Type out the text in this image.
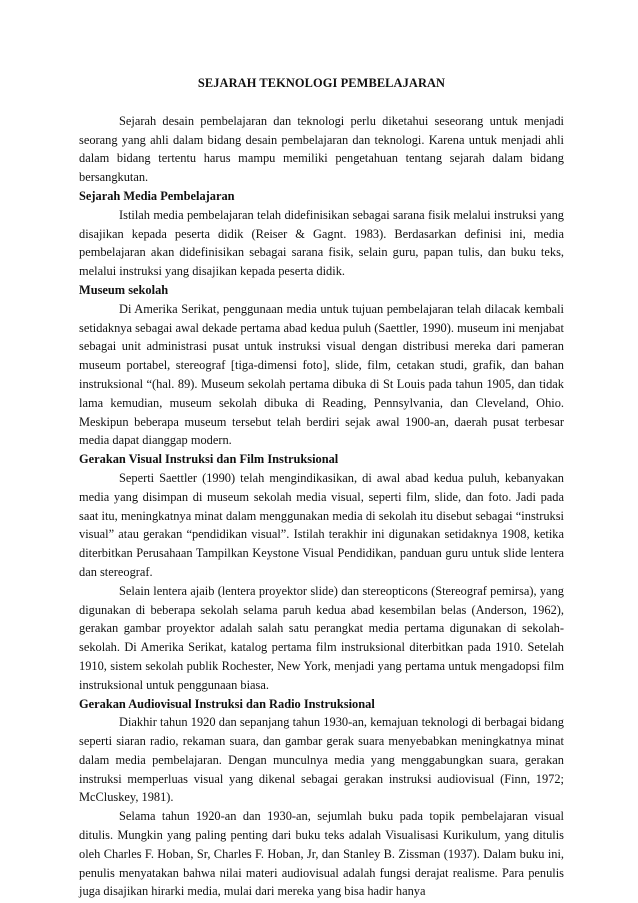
SEJARAH TEKNOLOGI PEMBELAJARAN

Sejarah desain pembelajaran dan teknologi perlu diketahui seseorang untuk menjadi seorang yang ahli dalam bidang desain pembelajaran dan teknologi. Karena untuk menjadi ahli dalam bidang tertentu harus mampu memiliki pengetahuan tentang sejarah dalam bidang bersangkutan.

Sejarah Media Pembelajaran

Istilah media pembelajaran telah didefinisikan sebagai sarana fisik melalui instruksi yang disajikan kepada peserta didik (Reiser & Gagnt. 1983). Berdasarkan definisi ini, media pembelajaran akan didefinisikan sebagai sarana fisik, selain guru, papan tulis, dan buku teks, melalui instruksi yang disajikan kepada peserta didik.

Museum sekolah

Di Amerika Serikat, penggunaan media untuk tujuan pembelajaran telah dilacak kembali setidaknya sebagai awal dekade pertama abad kedua puluh (Saettler, 1990). museum ini menjabat sebagai unit administrasi pusat untuk instruksi visual dengan distribusi mereka dari pameran museum portabel, stereograf [tiga-dimensi foto], slide, film, cetakan studi, grafik, dan bahan instruksional “(hal. 89). Museum sekolah pertama dibuka di St Louis pada tahun 1905, dan tidak lama kemudian, museum sekolah dibuka di Reading, Pennsylvania, dan Cleveland, Ohio. Meskipun beberapa museum tersebut telah berdiri sejak awal 1900-an, daerah pusat terbesar media dapat dianggap modern.

Gerakan Visual Instruksi dan Film Instruksional

Seperti Saettler (1990) telah mengindikasikan, di awal abad kedua puluh, kebanyakan media yang disimpan di museum sekolah media visual, seperti film, slide, dan foto. Jadi pada saat itu, meningkatnya minat dalam menggunakan media di sekolah itu disebut sebagai “instruksi visual” atau gerakan “pendidikan visual”. Istilah terakhir ini digunakan setidaknya 1908, ketika diterbitkan Perusahaan Tampilkan Keystone Visual Pendidikan, panduan guru untuk slide lentera dan stereograf.

Selain lentera ajaib (lentera proyektor slide) dan stereopticons (Stereograf pemirsa), yang digunakan di beberapa sekolah selama paruh kedua abad kesembilan belas (Anderson, 1962), gerakan gambar proyektor adalah salah satu perangkat media pertama digunakan di sekolah-sekolah. Di Amerika Serikat, katalog pertama film instruksional diterbitkan pada 1910. Setelah 1910, sistem sekolah publik Rochester, New York, menjadi yang pertama untuk mengadopsi film instruksional untuk penggunaan biasa.

Gerakan Audiovisual Instruksi dan Radio Instruksional

Diakhir tahun 1920 dan sepanjang tahun 1930-an, kemajuan teknologi di berbagai bidang seperti siaran radio, rekaman suara, dan gambar gerak suara menyebabkan meningkatnya minat dalam media pembelajaran. Dengan munculnya media yang menggabungkan suara, gerakan instruksi memperluas visual yang dikenal sebagai gerakan instruksi audiovisual (Finn, 1972; McCluskey, 1981).

Selama tahun 1920-an dan 1930-an, sejumlah buku pada topik pembelajaran visual ditulis. Mungkin yang paling penting dari buku teks adalah Visualisasi Kurikulum, yang ditulis oleh Charles F. Hoban, Sr, Charles F. Hoban, Jr, dan Stanley B. Zissman (1937). Dalam buku ini, penulis menyatakan bahwa nilai materi audiovisual adalah fungsi derajat realisme. Para penulis juga disajikan hirarki media, mulai dari mereka yang bisa hadir hanya
